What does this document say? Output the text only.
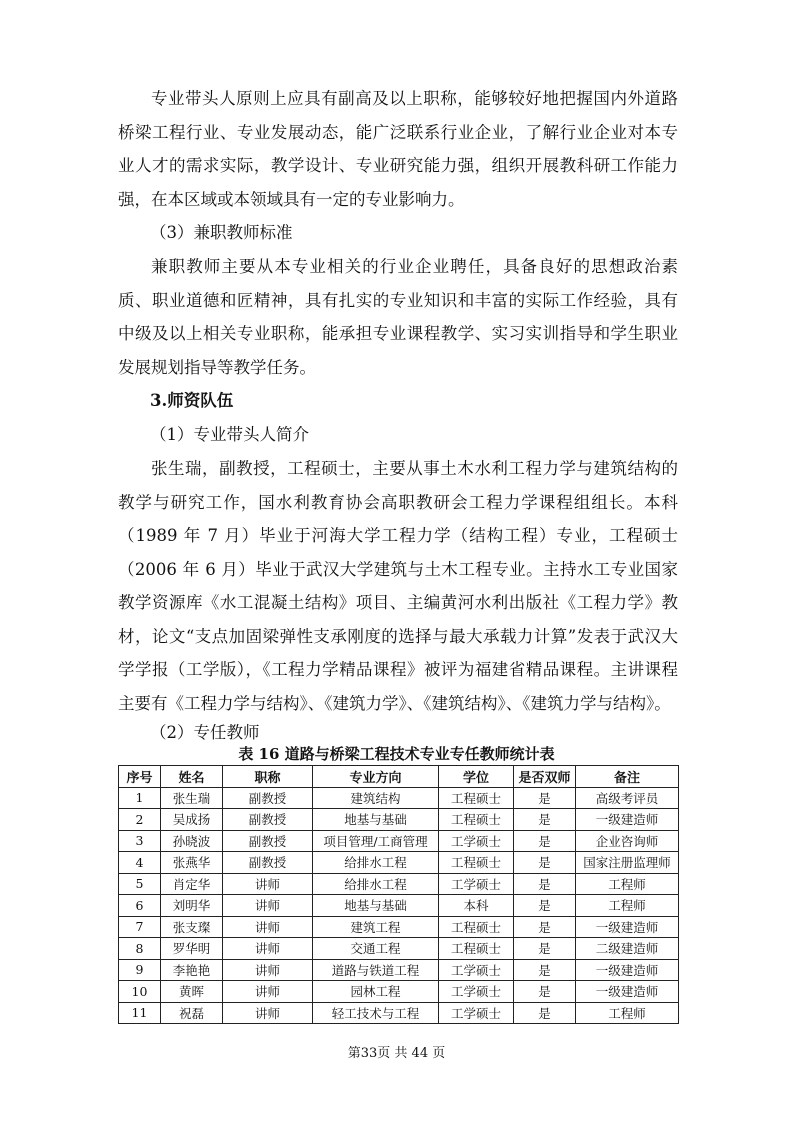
专业带头人原则上应具有副高及以上职称，能够较好地把握国内外道路桥梁工程行业、专业发展动态，能广泛联系行业企业，了解行业企业对本专业人才的需求实际，教学设计、专业研究能力强，组织开展教科研工作能力强，在本区域或本领域具有一定的专业影响力。

（3）兼职教师标准

兼职教师主要从本专业相关的行业企业聘任，具备良好的思想政治素质、职业道德和匠精神，具有扎实的专业知识和丰富的实际工作经验，具有中级及以上相关专业职称，能承担专业课程教学、实习实训指导和学生职业发展规划指导等教学任务。

3.师资队伍

（1）专业带头人简介

张生瑞，副教授，工程硕士，主要从事土木水利工程力学与建筑结构的教学与研究工作，国水利教育协会高职教研会工程力学课程组组长。本科（1989 年 7 月）毕业于河海大学工程力学（结构工程）专业，工程硕士（2006 年 6 月）毕业于武汉大学建筑与土木工程专业。主持水工专业国家教学资源库《水工混凝土结构》项目、主编黄河水利出版社《工程力学》教材，论文“支点加固梁弹性支承刚度的选择与最大承载力计算”发表于武汉大学学报（工学版），《工程力学精品课程》被评为福建省精品课程。主讲课程主要有《工程力学与结构》、《建筑力学》、《建筑结构》、《建筑力学与结构》。

（2）专任教师

表 16 道路与桥梁工程技术专业专任教师统计表
序号	姓名	职称	专业方向	学位	是否双师	备注
1	张生瑞	副教授	建筑结构	工程硕士	是	高级考评员
2	吴成扬	副教授	地基与基础	工程硕士	是	一级建造师
3	孙晓波	副教授	项目管理/工商管理	工学硕士	是	企业咨询师
4	张燕华	副教授	给排水工程	工程硕士	是	国家注册监理师
5	肖定华	讲师	给排水工程	工学硕士	是	工程师
6	刘明华	讲师	地基与基础	本科	是	工程师
7	张支璨	讲师	建筑工程	工程硕士	是	一级建造师
8	罗华明	讲师	交通工程	工程硕士	是	二级建造师
9	李艳艳	讲师	道路与铁道工程	工学硕士	是	一级建造师
10	黄晖	讲师	园林工程	工学硕士	是	一级建造师
11	祝磊	讲师	轻工技术与工程	工学硕士	是	工程师
第33页 共 44 页
